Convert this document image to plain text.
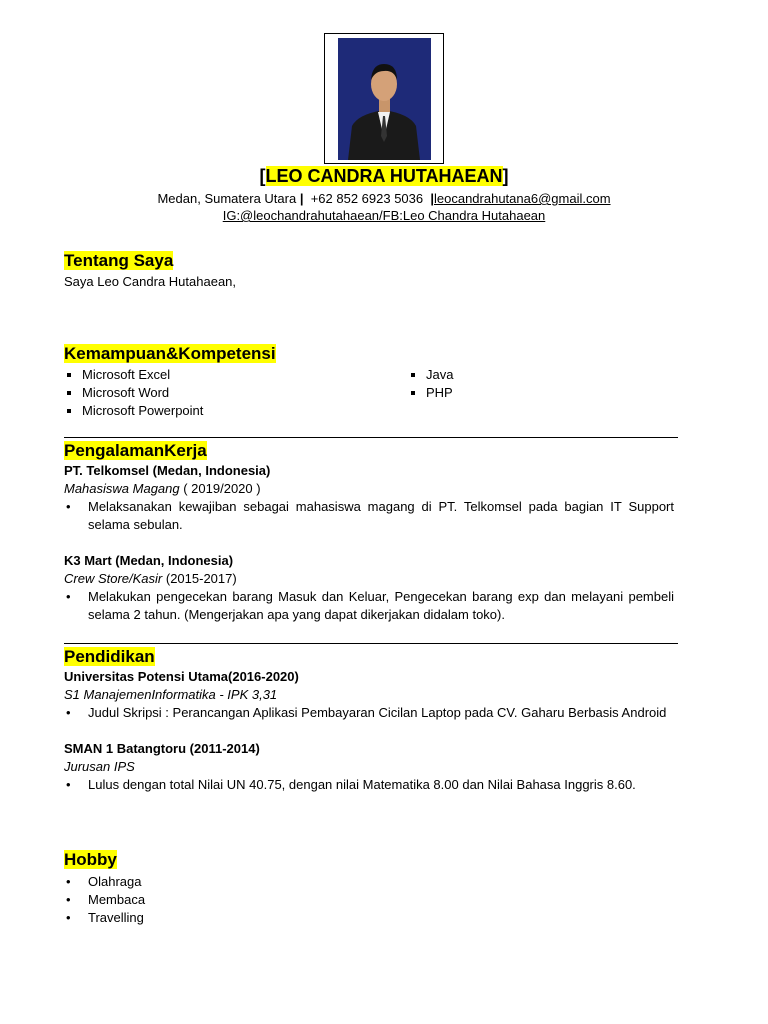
[LEO CANDRA HUTAHAEAN]
Medan, Sumatera Utara | +62 852 6923 5036 |leocandrahutana6@gmail.com
IG:@leochandrahutahaean/FB:Leo Chandra Hutahaean
Tentang Saya
Saya Leo Candra Hutahaean,
Kemampuan&Kompetensi
Microsoft Excel
Microsoft Word
Microsoft Powerpoint
Java
PHP
PengalamanKerja
PT. Telkomsel (Medan, Indonesia)
Mahasiswa Magang ( 2019/2020 )
• Melaksanakan kewajiban sebagai mahasiswa magang di PT. Telkomsel pada bagian IT Support selama sebulan.
K3 Mart (Medan, Indonesia)
Crew Store/Kasir (2015-2017)
• Melakukan pengecekan barang Masuk dan Keluar, Pengecekan barang exp dan melayani pembeli selama 2 tahun. (Mengerjakan apa yang dapat dikerjakan didalam toko).
Pendidikan
Universitas Potensi Utama(2016-2020)
S1 ManajemenInformatika - IPK 3,31
• Judul Skripsi : Perancangan Aplikasi Pembayaran Cicilan Laptop pada CV. Gaharu Berbasis Android
SMAN 1 Batangtoru (2011-2014)
Jurusan IPS
• Lulus dengan total Nilai UN 40.75, dengan nilai Matematika 8.00 dan Nilai Bahasa Inggris 8.60.
Hobby
• Olahraga
• Membaca
• Travelling
